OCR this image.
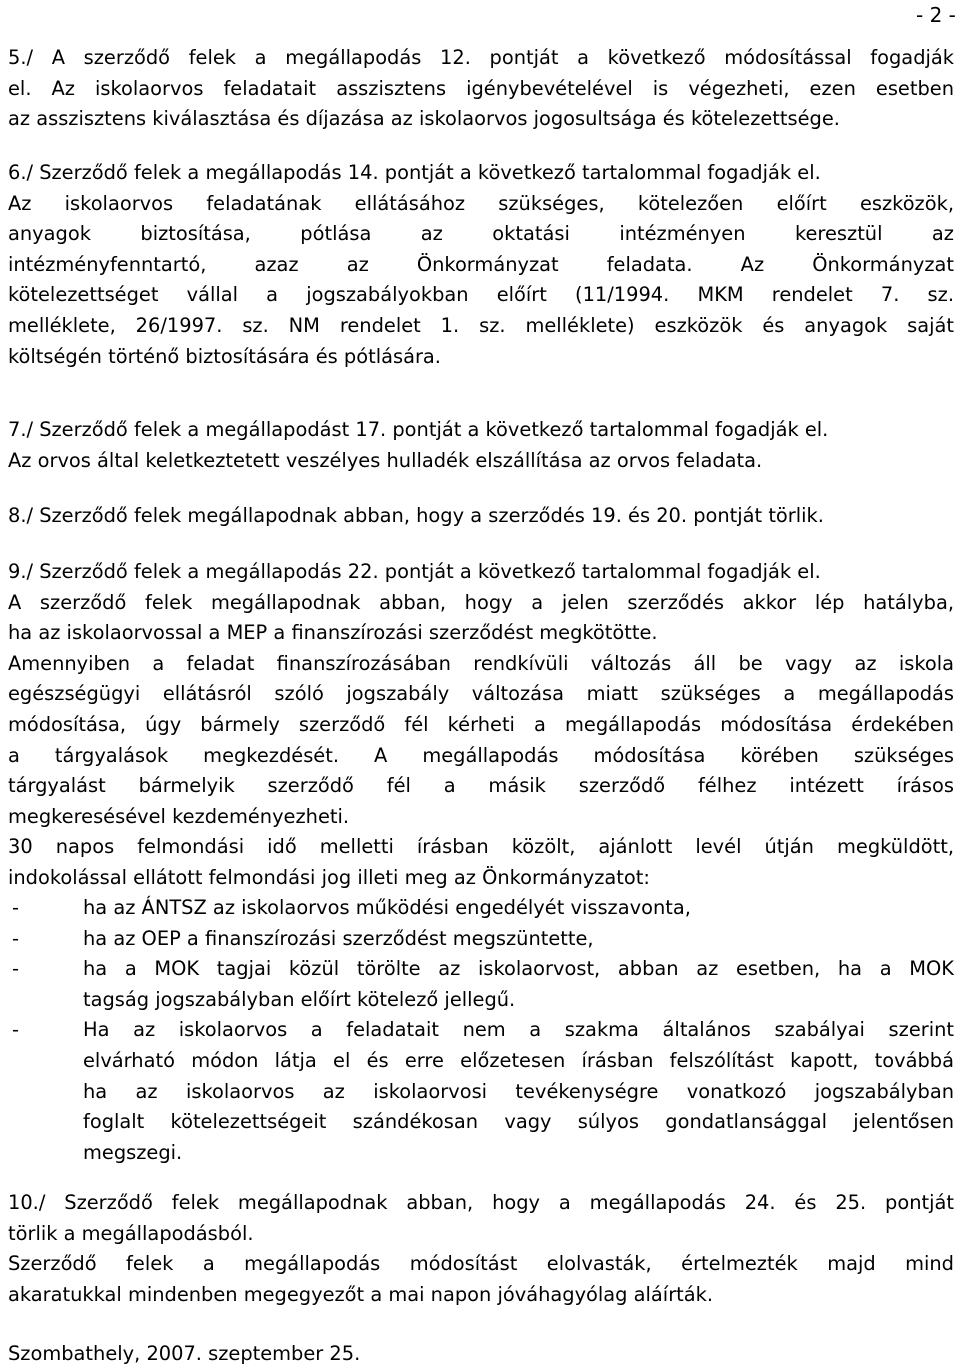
- 2 -
5./ A szerződő felek a megállapodás 12. pontját a következő módosítással fogadják
el. Az iskolaorvos feladatait asszisztens igénybevételével is végezheti, ezen esetben
az asszisztens kiválasztása és díjazása az iskolaorvos jogosultsága és kötelezettsége.
6./ Szerződő felek a megállapodás 14. pontját a következő tartalommal fogadják el.
Az iskolaorvos feladatának ellátásához szükséges, kötelezően előírt eszközök,
anyagok biztosítása, pótlása az oktatási intézményen keresztül az
intézményfenntartó, azaz az Önkormányzat feladata. Az Önkormányzat
kötelezettséget vállal a jogszabályokban előírt (11/1994. MKM rendelet 7. sz.
melléklete, 26/1997. sz. NM rendelet 1. sz. melléklete) eszközök és anyagok saját
költségén történő biztosítására és pótlására.
7./ Szerződő felek a megállapodást 17. pontját a következő tartalommal fogadják el.
Az orvos által keletkeztetett veszélyes hulladék elszállítása az orvos feladata.
8./ Szerződő felek megállapodnak abban, hogy a szerződés 19. és 20. pontját törlik.
9./ Szerződő felek a megállapodás 22. pontját a következő tartalommal fogadják el.
A szerződő felek megállapodnak abban, hogy a jelen szerződés akkor lép hatályba,
ha az iskolaorvossal a MEP a finanszírozási szerződést megkötötte.
Amennyiben a feladat finanszírozásában rendkívüli változás áll be vagy az iskola
egészségügyi ellátásról szóló jogszabály változása miatt szükséges a megállapodás
módosítása, úgy bármely szerződő fél kérheti a megállapodás módosítása érdekében
a tárgyalások megkezdését. A megállapodás módosítása körében szükséges
tárgyalást bármelyik szerződő fél a másik szerződő félhez intézett írásos
megkeresésével kezdeményezheti.
30 napos felmondási idő melletti írásban közölt, ajánlott levél útján megküldött,
indokolással ellátott felmondási jog illeti meg az Önkormányzatot:
-	ha az ÁNTSZ az iskolaorvos működési engedélyét visszavonta,
-	ha az OEP a finanszírozási szerződést megszüntette,
-	ha a MOK tagjai közül törölte az iskolaorvost, abban az esetben, ha a MOK
tagság jogszabályban előírt kötelező jellegű.
-	Ha az iskolaorvos a feladatait nem a szakma általános szabályai szerint
elvárható módon látja el és erre előzetesen írásban felszólítást kapott, továbbá
ha az iskolaorvos az iskolaorvosi tevékenységre vonatkozó jogszabályban
foglalt kötelezettségeit szándékosan vagy súlyos gondatlansággal jelentősen
megszegi.
10./ Szerződő felek megállapodnak abban, hogy a megállapodás 24. és 25. pontját
törlik a megállapodásból.
Szerződő felek a megállapodás módosítást elolvasták, értelmezték majd mind
akaratukkal mindenben megegyezőt a mai napon jóváhagyólag aláírták.
Szombathely, 2007. szeptember 25.
